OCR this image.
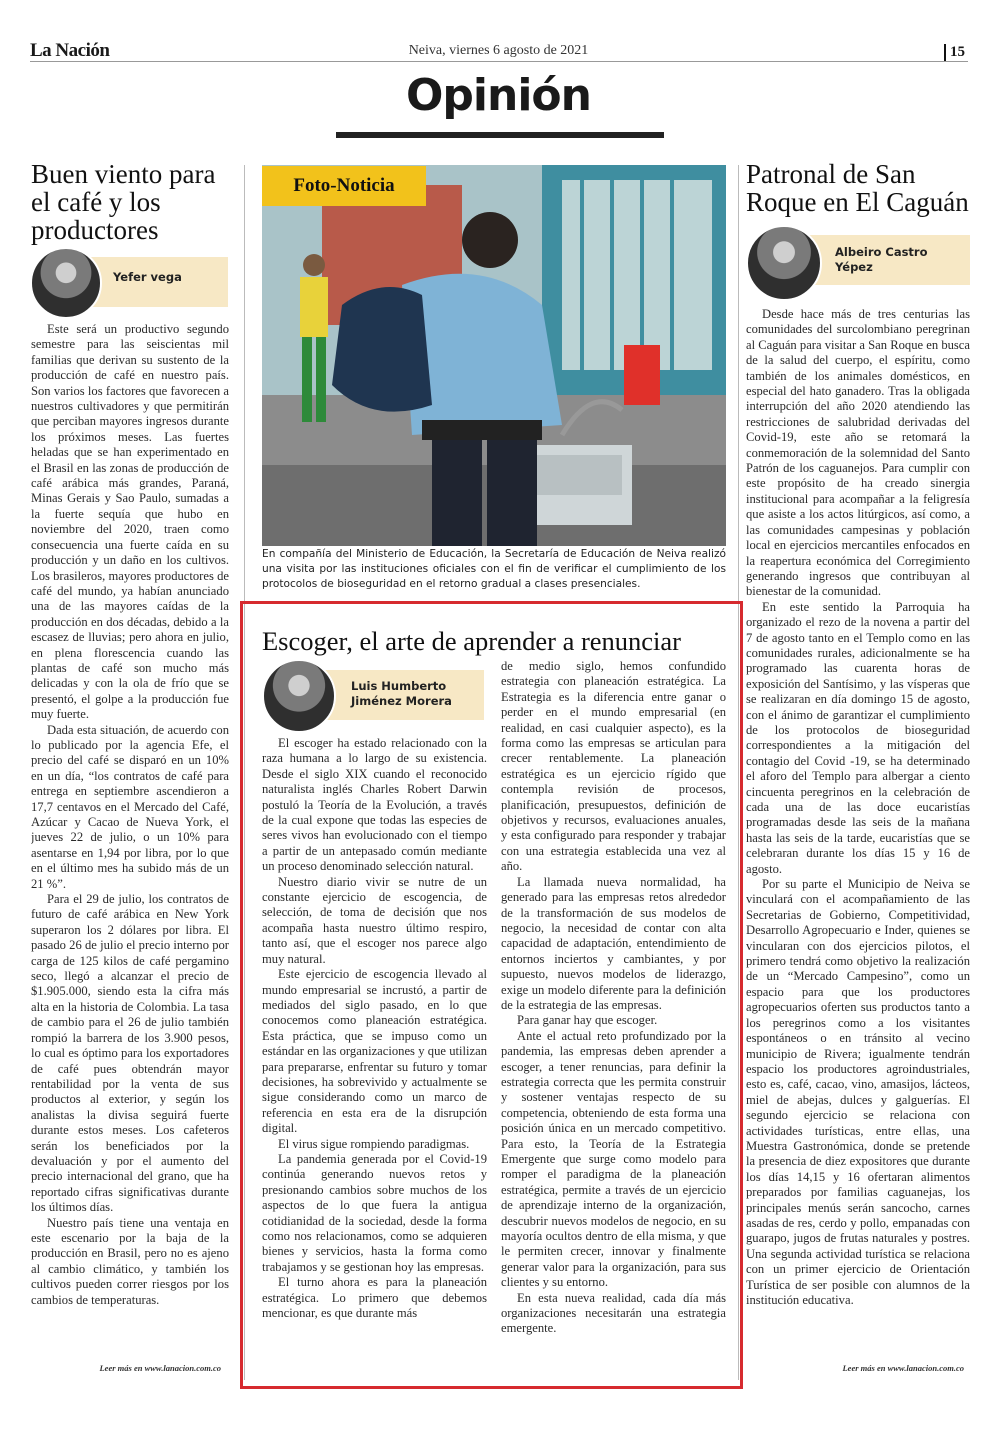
La Nación	Neiva, viernes 6 agosto de 2021	15
Opinión
Buen viento para el café y los productores
Yefer vega

Este será un productivo segundo semestre para las seiscientas mil familias que derivan su sustento de la producción de café en nuestro país. Son varios los factores que favorecen a nuestros cultivadores y que permitirán que perciban mayores ingresos durante los próximos meses. Las fuertes heladas que se han experimentado en el Brasil en las zonas de producción de café arábica más grandes, Paraná, Minas Gerais y Sao Paulo, sumadas a la fuerte sequía que hubo en noviembre del 2020, traen como consecuencia una fuerte caída en su producción y un daño en los cultivos. Los brasileros, mayores productores de café del mundo, ya habían anunciado una de las mayores caídas de la producción en dos décadas, debido a la escasez de lluvias; pero ahora en julio, en plena florescencia cuando las plantas de café son mucho más delicadas y con la ola de frío que se presentó, el golpe a la producción fue muy fuerte.

Dada esta situación, de acuerdo con lo publicado por la agencia Efe, el precio del café se disparó en un 10% en un día, “los contratos de café para entrega en septiembre ascendieron a 17,7 centavos en el Mercado del Café, Azúcar y Cacao de Nueva York, el jueves 22 de julio, o un 10% para asentarse en 1,94 por libra, por lo que en el último mes ha subido más de un 21 %”.

Para el 29 de julio, los contratos de futuro de café arábica en New York superaron los 2 dólares por libra. El pasado 26 de julio el precio interno por carga de 125 kilos de café pergamino seco, llegó a alcanzar el precio de $1.905.000, siendo esta la cifra más alta en la historia de Colombia. La tasa de cambio para el 26 de julio también rompió la barrera de los 3.900 pesos, lo cual es óptimo para los exportadores de café pues obtendrán mayor rentabilidad por la venta de sus productos al exterior, y según los analistas la divisa seguirá fuerte durante estos meses. Los cafeteros serán los beneficiados por la devaluación y por el aumento del precio internacional del grano, que ha reportado cifras significativas durante los últimos días.

Nuestro país tiene una ventaja en este escenario por la baja de la producción en Brasil, pero no es ajeno al cambio climático, y también los cultivos pueden correr riesgos por los cambios de temperaturas.

Leer más en www.lanacion.com.co
Foto-Noticia
En compañía del Ministerio de Educación, la Secretaría de Educación de Neiva realizó una visita por las instituciones oficiales con el fin de verificar el cumplimiento de los protocolos de bioseguridad en el retorno gradual a clases presenciales.
Escoger, el arte de aprender a renunciar
Luis Humberto
Jiménez Morera

El escoger ha estado relacionado con la raza humana a lo largo de su existencia. Desde el siglo XIX cuando el reconocido naturalista inglés Charles Robert Darwin postuló la Teoría de la Evolución, a través de la cual expone que todas las especies de seres vivos han evolucionado con el tiempo a partir de un antepasado común mediante un proceso denominado selección natural.

Nuestro diario vivir se nutre de un constante ejercicio de escogencia, de selección, de toma de decisión que nos acompaña hasta nuestro último respiro, tanto así, que el escoger nos parece algo muy natural.

Este ejercicio de escogencia llevado al mundo empresarial se incrustó, a partir de mediados del siglo pasado, en lo que conocemos como planeación estratégica. Esta práctica, que se impuso como un estándar en las organizaciones y que utilizan para prepararse, enfrentar su futuro y tomar decisiones, ha sobrevivido y actualmente se sigue considerando como un marco de referencia en esta era de la disrupción digital.

El virus sigue rompiendo paradigmas.

La pandemia generada por el Covid-19 continúa generando nuevos retos y presionando cambios sobre muchos de los aspectos de lo que fuera la antigua cotidianidad de la sociedad, desde la forma como nos relacionamos, como se adquieren bienes y servicios, hasta la forma como trabajamos y se gestionan hoy las empresas.

El turno ahora es para la planeación estratégica. Lo primero que debemos mencionar, es que durante más

de medio siglo, hemos confundido estrategia con planeación estratégica. La Estrategia es la diferencia entre ganar o perder en el mundo empresarial (en realidad, en casi cualquier aspecto), es la forma como las empresas se articulan para crecer rentablemente. La planeación estratégica es un ejercicio rígido que contempla revisión de procesos, planificación, presupuestos, definición de objetivos y recursos, evaluaciones anuales, y esta configurado para responder y trabajar con una estrategia establecida una vez al año.

La llamada nueva normalidad, ha generado para las empresas retos alrededor de la transformación de sus modelos de negocio, la necesidad de contar con alta capacidad de adaptación, entendimiento de entornos inciertos y cambiantes, y por supuesto, nuevos modelos de liderazgo, exige un modelo diferente para la definición de la estrategia de las empresas.

Para ganar hay que escoger.

Ante el actual reto profundizado por la pandemia, las empresas deben aprender a escoger, a tener renuncias, para definir la estrategia correcta que les permita construir y sostener ventajas respecto de su competencia, obteniendo de esta forma una posición única en un mercado competitivo. Para esto, la Teoría de la Estrategia Emergente que surge como modelo para romper el paradigma de la planeación estratégica, permite a través de un ejercicio de aprendizaje interno de la organización, descubrir nuevos modelos de negocio, en su mayoría ocultos dentro de ella misma, y que le permiten crecer, innovar y finalmente generar valor para la organización, para sus clientes y su entorno.

En esta nueva realidad, cada día más organizaciones necesitarán una estrategia emergente.

Patronal de San Roque en El Caguán
Albeiro Castro
Yépez

Desde hace más de tres centurias las comunidades del surcolombiano peregrinan al Caguán para visitar a San Roque en busca de la salud del cuerpo, el espíritu, como también de los animales domésticos, en especial del hato ganadero. Tras la obligada interrupción del año 2020 atendiendo las restricciones de salubridad derivadas del Covid-19, este año se retomará la conmemoración de la solemnidad del Santo Patrón de los caguanejos. Para cumplir con este propósito de ha creado sinergia institucional para acompañar a la feligresía que asiste a los actos litúrgicos, así como, a las comunidades campesinas y población local en ejercicios mercantiles enfocados en la reapertura económica del Corregimiento generando ingresos que contribuyan al bienestar de la comunidad.

En este sentido la Parroquia ha organizado el rezo de la novena a partir del 7 de agosto tanto en el Templo como en las comunidades rurales, adicionalmente se ha programado las cuarenta horas de exposición del Santísimo, y las vísperas que se realizaran en día domingo 15 de agosto, con el ánimo de garantizar el cumplimiento de los protocolos de bioseguridad correspondientes a la mitigación del contagio del Covid -19, se ha determinado el aforo del Templo para albergar a ciento cincuenta peregrinos en la celebración de cada una de las doce eucaristías programadas desde las seis de la mañana hasta las seis de la tarde, eucaristías que se celebraran durante los días 15 y 16 de agosto.

Por su parte el Municipio de Neiva se vinculará con el acompañamiento de las Secretarias de Gobierno, Competitividad, Desarrollo Agropecuario e Inder, quienes se vincularan con dos ejercicios pilotos, el primero tendrá como objetivo la realización de un “Mercado Campesino”, como un espacio para que los productores agropecuarios oferten sus productos tanto a los peregrinos como a los visitantes espontáneos o en tránsito al vecino municipio de Rivera; igualmente tendrán espacio los productores agroindustriales, esto es, café, cacao, vino, amasijos, lácteos, miel de abejas, dulces y galguerías. El segundo ejercicio se relaciona con actividades turísticas, entre ellas, una Muestra Gastronómica, donde se pretende la presencia de diez expositores que durante los días 14,15 y 16 ofertaran alimentos preparados por familias caguanejas, los principales menús serán sancocho, carnes asadas de res, cerdo y pollo, empanadas con guarapo, jugos de frutas naturales y postres. Una segunda actividad turística se relaciona con un primer ejercicio de Orientación Turística de ser posible con alumnos de la institución educativa.

Leer más en www.lanacion.com.co
